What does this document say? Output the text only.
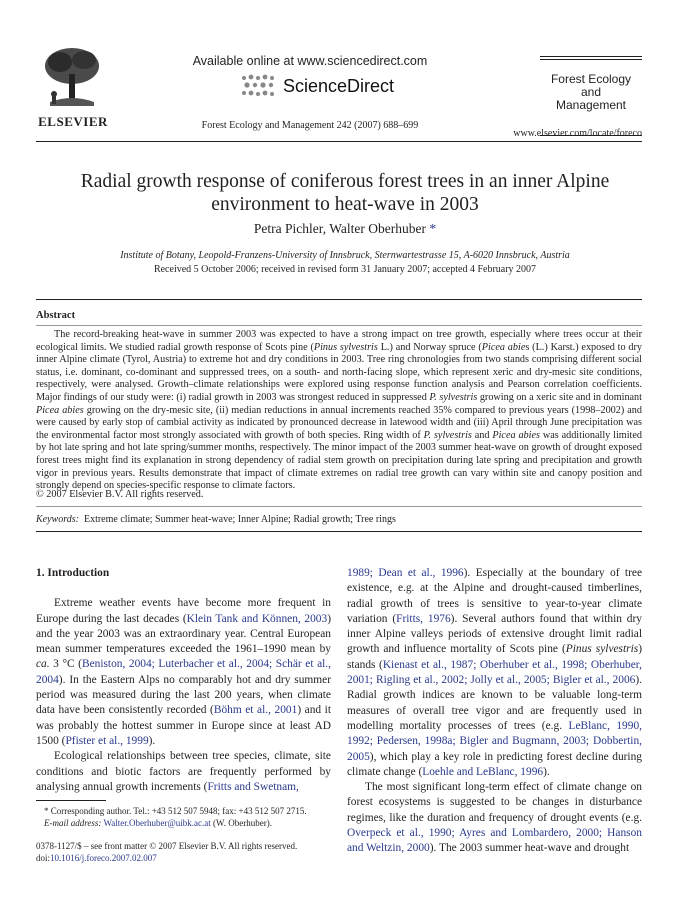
ELSEVIER
Available online at www.sciencedirect.com
ScienceDirect
Forest Ecology and Management 242 (2007) 688–699
Forest Ecology
and
Management
www.elsevier.com/locate/foreco
Radial growth response of coniferous forest trees in an inner Alpine environment to heat-wave in 2003
Petra Pichler, Walter Oberhuber *
Institute of Botany, Leopold-Franzens-University of Innsbruck, Sternwartestrasse 15, A-6020 Innsbruck, Austria
Received 5 October 2006; received in revised form 31 January 2007; accepted 4 February 2007
Abstract
The record-breaking heat-wave in summer 2003 was expected to have a strong impact on tree growth, especially where trees occur at their ecological limits. We studied radial growth response of Scots pine (Pinus sylvestris L.) and Norway spruce (Picea abies (L.) Karst.) exposed to dry inner Alpine climate (Tyrol, Austria) to extreme hot and dry conditions in 2003. Tree ring chronologies from two stands comprising different social status, i.e. dominant, co-dominant and suppressed trees, on a south- and north-facing slope, which represent xeric and dry-mesic site conditions, respectively, were analysed. Growth–climate relationships were explored using response function analysis and Pearson correlation coefficients. Major findings of our study were: (i) radial growth in 2003 was strongest reduced in suppressed P. sylvestris growing on a xeric site and in dominant Picea abies growing on the dry-mesic site, (ii) median reductions in annual increments reached 35% compared to previous years (1998–2002) and were caused by early stop of cambial activity as indicated by pronounced decrease in latewood width and (iii) April through June precipitation was the environmental factor most strongly associated with growth of both species. Ring width of P. sylvestris and Picea abies was additionally limited by hot late spring and hot late spring/summer months, respectively. The minor impact of the 2003 summer heat-wave on growth of drought exposed forest trees might find its explanation in strong dependency of radial stem growth on precipitation during late spring and precipitation and growth vigor in previous years. Results demonstrate that impact of climate extremes on radial tree growth can vary within site and canopy position and strongly depend on species-specific response to climate factors.
© 2007 Elsevier B.V. All rights reserved.
Keywords: Extreme climate; Summer heat-wave; Inner Alpine; Radial growth; Tree rings
1. Introduction

Extreme weather events have become more frequent in Europe during the last decades (Klein Tank and Können, 2003) and the year 2003 was an extraordinary year. Central European mean summer temperatures exceeded the 1961–1990 mean by ca. 3 °C (Beniston, 2004; Luterbacher et al., 2004; Schär et al., 2004). In the Eastern Alps no comparably hot and dry summer period was measured during the last 200 years, when climate data have been consistently recorded (Böhm et al., 2001) and it was probably the hottest summer in Europe since at least AD 1500 (Pfister et al., 1999).

Ecological relationships between tree species, climate, site conditions and biotic factors are frequently performed by analysing annual growth increments (Fritts and Swetnam,

1989; Dean et al., 1996). Especially at the boundary of tree existence, e.g. at the Alpine and drought-caused timberlines, radial growth of trees is sensitive to year-to-year climate variation (Fritts, 1976). Several authors found that within dry inner Alpine valleys periods of extensive drought limit radial growth and influence mortality of Scots pine (Pinus sylvestris) stands (Kienast et al., 1987; Oberhuber et al., 1998; Oberhuber, 2001; Rigling et al., 2002; Jolly et al., 2005; Bigler et al., 2006). Radial growth indices are known to be valuable long-term measures of overall tree vigor and are frequently used in modelling mortality processes of trees (e.g. LeBlanc, 1990, 1992; Pedersen, 1998a; Bigler and Bugmann, 2003; Dobbertin, 2005), which play a key role in predicting forest decline during climate change (Loehle and LeBlanc, 1996).

The most significant long-term effect of climate change on forest ecosystems is suggested to be changes in disturbance regimes, like the duration and frequency of drought events (e.g. Overpeck et al., 1990; Ayres and Lombardero, 2000; Hanson and Weltzin, 2000). The 2003 summer heat-wave and drought

* Corresponding author. Tel.: +43 512 507 5948; fax: +43 512 507 2715.
E-mail address: Walter.Oberhuber@uibk.ac.at (W. Oberhuber).
0378-1127/$ – see front matter © 2007 Elsevier B.V. All rights reserved.
doi:10.1016/j.foreco.2007.02.007
